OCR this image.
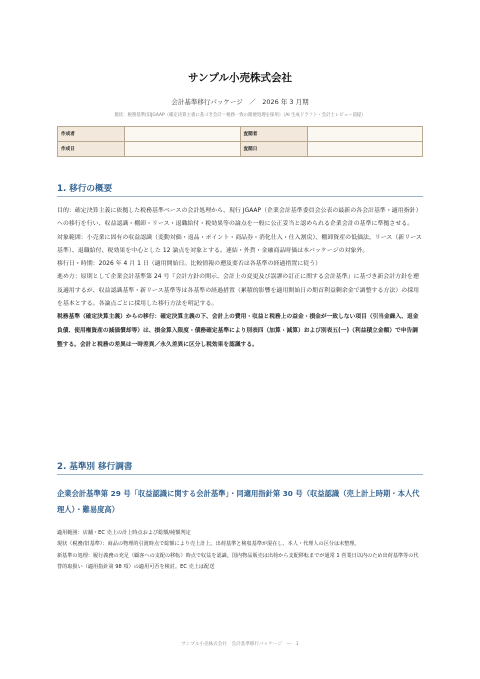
サンプル小売株式会社
会計基準移行パッケージ　／　2026 年 3 月期
現状：税務基準(旧JGAAP（確定決算主義に基づき会計＝税務一致の簡便処理を採用）（AI 生成ドラフト・会計士レビュー前提）
作成者		査閲者	
作成日		査閲日	
1. 移行の概要

目的：確定決算主義に依拠した税務基準ベースの会計処理から、現行 JGAAP（企業会計基準委員会公表の最新の各会計基準・適用指針）への移行を行い、収益認識・棚卸・リース・退職給付・税効果等の論点を一般に公正妥当と認められる企業会計の基準に準拠させる。

対象範囲：小売業に固有の収益認識（変動対価・返品・ポイント・商品券・消化仕入・仕入割戻）、棚卸資産の低価法、リース（新リース基準）、退職給付、税効果を中心とした 12 論点を対象とする。連結・外貨・金融商品時価は本パッケージの対象外。

移行日・時期：2026 年 4 月 1 日（適用開始日。比較情報の遡及要否は各基準の経過措置に従う）

進め方：原則として企業会計基準第 24 号『会計方針の開示、会計上の変更及び誤謬の訂正に関する会計基準』に基づき新会計方針を遡及適用するが、収益認識基準・新リース基準等は各基準の経過措置（累積的影響を適用開始日の期首利益剰余金で調整する方法）の採用を基本とする。各論点ごとに採用した移行方法を明記する。

税務基準（確定決算主義）からの移行：確定決算主義の下、会計上の費用・収益と税務上の益金・損金が一致しない項目（引当金繰入、返金負債、使用権資産の減価償却等）は、損金算入限度・債務確定基準により別表四（加算・減算）および別表五(一)（利益積立金額）で申告調整する。会計と税務の差異は一時差異／永久差異に区分し税効果を認識する。

2. 基準別 移行調書
企業会計基準第 29 号「収益認識に関する会計基準」・同適用指針第 30 号（収益認識（売上計上時期・本人代理人）・難易度高）

適用範囲：店舗・EC 売上の計上時点および総額/純額判定

現状（税務/旧基準）：商品の物理的引渡時点で総額により売上計上。出荷基準と検収基準が混在し、本人・代理人の区分は未整理。

新基準の処理：履行義務の充足（顧客への支配の移転）時点で収益を認識。国内物品販売は出荷から支配移転までが通常 1 営業日以内のため出荷基準等の代替的取扱い（適用指針第 98 項）の適用可否を検討。EC 売上は配送

サンプル小売株式会社　会計基準移行パッケージ　—　1
